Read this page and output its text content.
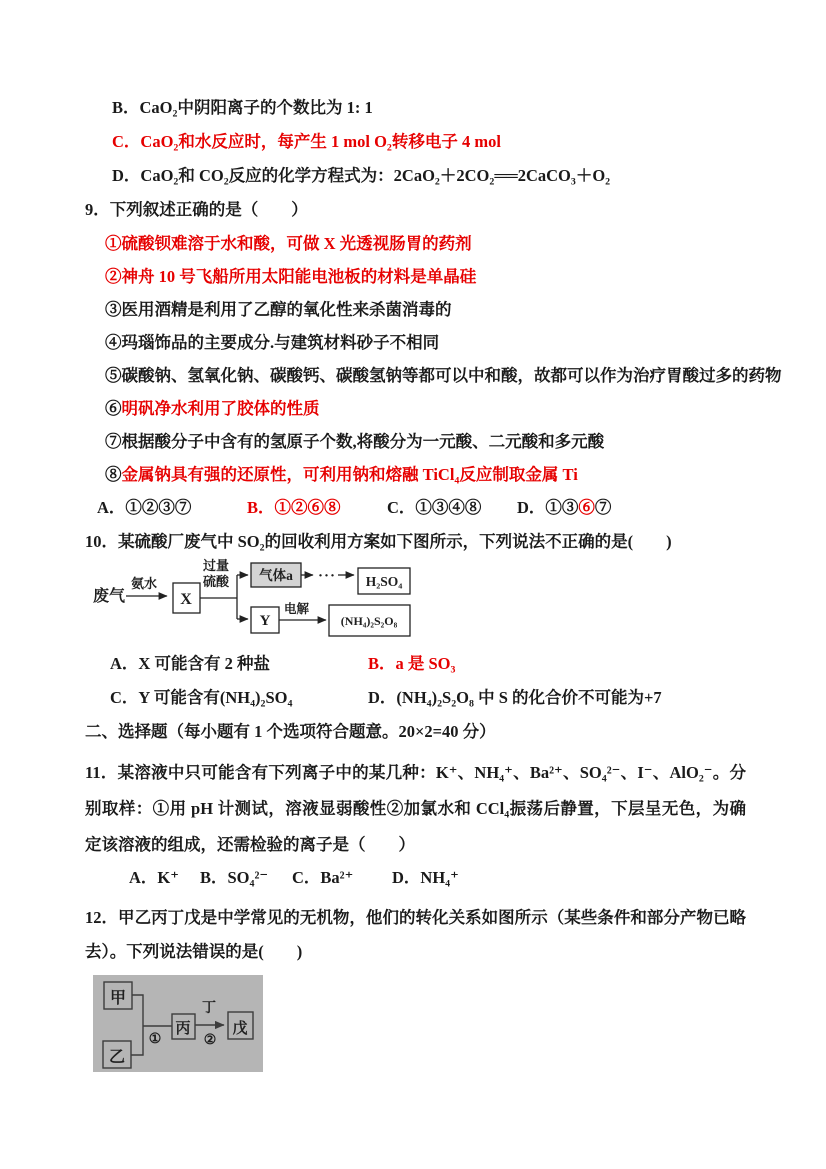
B．CaO₂中阴阳离子的个数比为 1: 1
C．CaO₂和水反应时，每产生 1 mol O₂转移电子 4 mol
D．CaO₂和 CO₂反应的化学方程式为：2CaO₂＋2CO₂══2CaCO₃＋O₂
9．下列叙述正确的是（　　）
①硫酸钡难溶于水和酸，可做 X 光透视肠胃的药剂
②神舟 10 号飞船所用太阳能电池板的材料是单晶硅
③医用酒精是利用了乙醇的氧化性来杀菌消毒的
④玛瑙饰品的主要成分.与建筑材料砂子不相同
⑤碳酸钠、氢氧化钠、碳酸钙、碳酸氢钠等都可以中和酸，故都可以作为治疗胃酸过多的药物
⑥明矾净水利用了胶体的性质
⑦根据酸分子中含有的氢原子个数,将酸分为一元酸、二元酸和多元酸
⑧金属钠具有强的还原性，可利用钠和熔融 TiCl₄反应制取金属 Ti
A．①②③⑦	B．①②⑥⑧	C．①③④⑧ D．①③⑥⑦
10．某硫酸厂废气中 SO₂的回收利用方案如下图所示，下列说法不正确的是(　　)
废气
氨水
X
过量
硫酸 气体a ··· H₂SO₄
Y
电解
(NH₄)₂S₂O₈
A．X 可能含有 2 种盐	B．a 是 SO₃
C．Y 可能含有(NH₄)₂SO₄	D．(NH₄)₂S₂O₈ 中 S 的化合价不可能为+7
二、选择题（每小题有 1 个选项符合题意。20×2=40 分）
11．某溶液中只可能含有下列离子中的某几种：K⁺、NH₄⁺、Ba²⁺、SO₄²⁻、I⁻、AlO₂⁻。分别取样：①用 pH 计测试，溶液显弱酸性②加氯水和 CCl₄振荡后静置，下层呈无色，为确定该溶液的组成，还需检验的离子是（　　）
A．K⁺ B．SO₄²⁻ C．Ba²⁺ D．NH₄⁺
12．甲乙丙丁戊是中学常见的无机物，他们的转化关系如图所示（某些条件和部分产物已略去）。下列说法错误的是(　　)
甲
乙
①
丙
丁
②
戊
